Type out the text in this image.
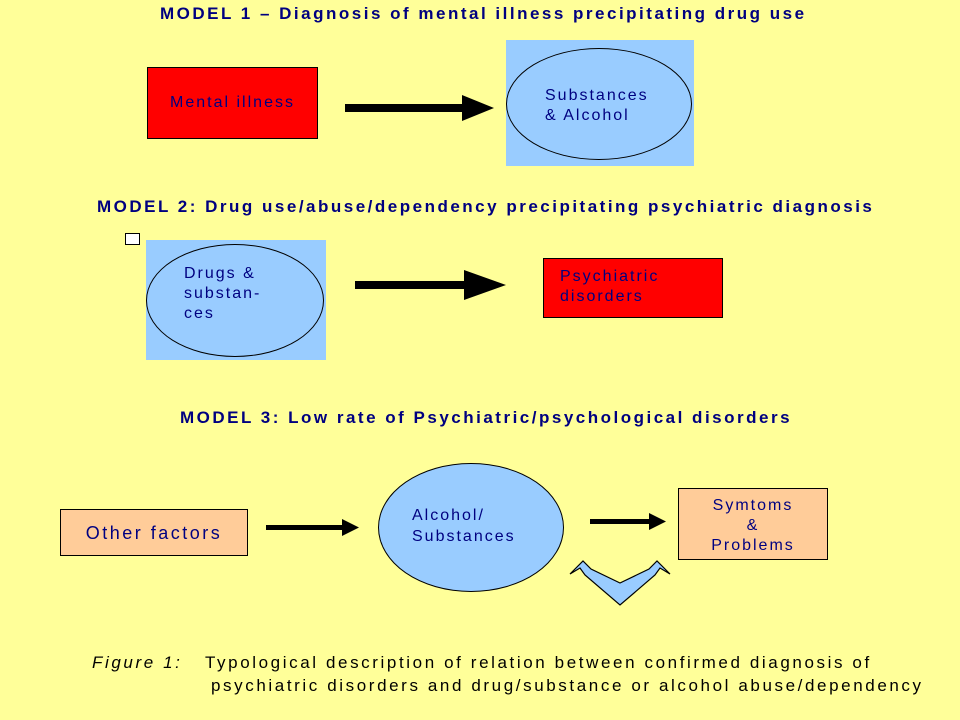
MODEL 1 – Diagnosis of mental illness precipitating drug use
Mental illness	Substances
& Alcohol
MODEL 2: Drug use/abuse/dependency precipitating psychiatric diagnosis
Drugs &
substan-
ces
Psychiatric
disorders
MODEL 3: Low rate of Psychiatric/psychological disorders
Other factors
Alcohol/
Substances
Symtoms
&
Problems
Figure 1: Typological description of relation between confirmed diagnosis of
psychiatric disorders and drug/substance or alcohol abuse/dependency
